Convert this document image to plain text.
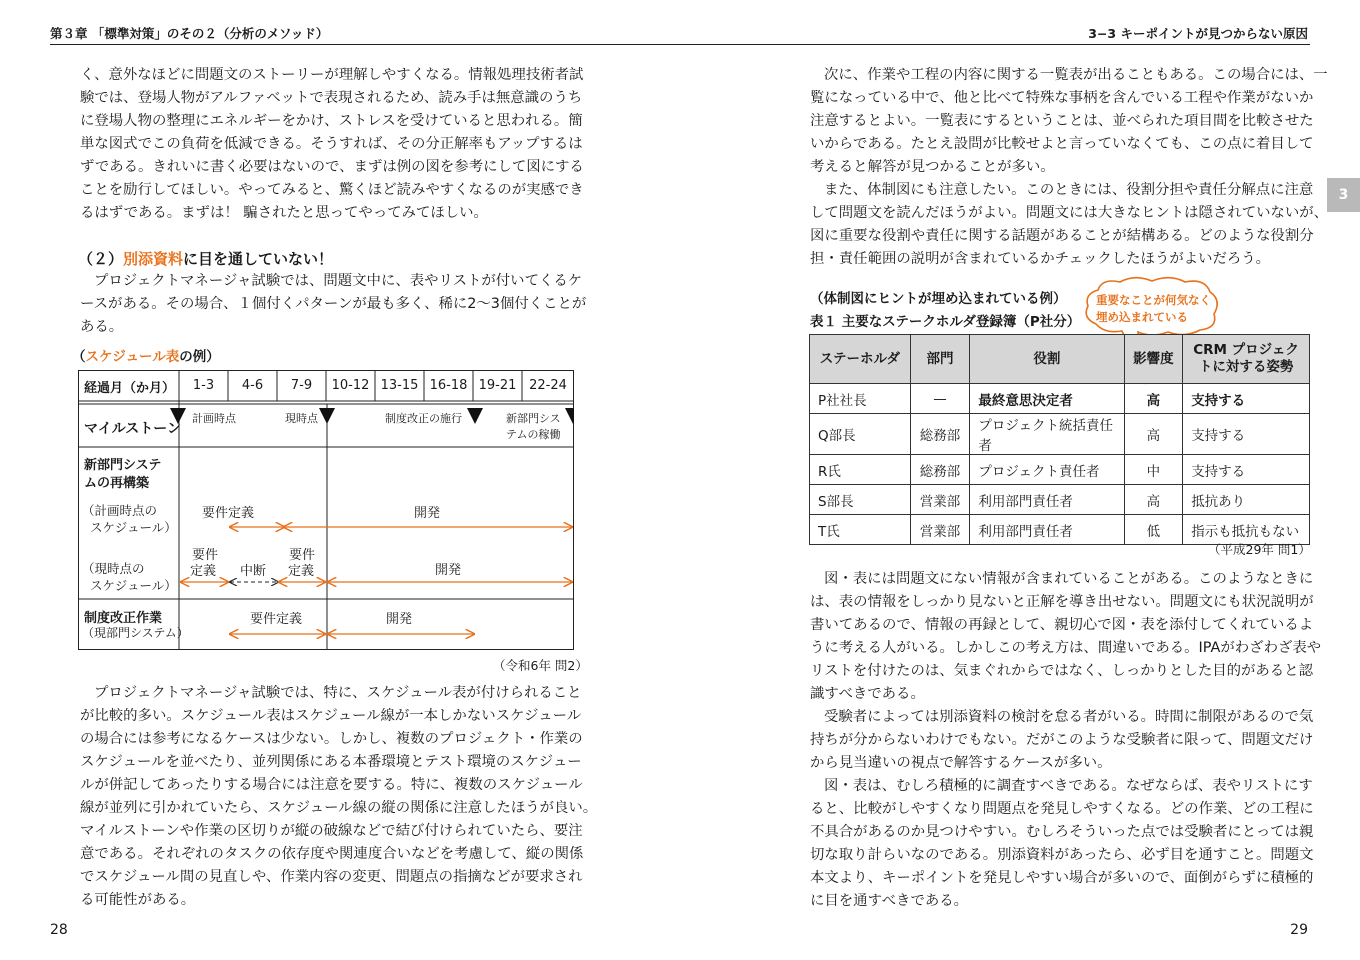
第３章 「標準対策」のその２（分析のメソッド）	3−3 キーポイントが見つからない原因
3

く、意外なほどに問題文のストーリーが理解しやすくなる。情報処理技術者試

験では、登場人物がアルファベットで表現されるため、読み手は無意識のうち

に登場人物の整理にエネルギーをかけ、ストレスを受けていると思われる。簡

単な図式でこの負荷を低減できる。そうすれば、その分正解率もアップするは

ずである。きれいに書く必要はないので、まずは例の図を参考にして図にする

ことを励行してほしい。やってみると、驚くほど読みやすくなるのが実感でき

るはずである。まずは！ 騙されたと思ってやってみてほしい。

（２）別添資料に目を通していない！

プロジェクトマネージャ試験では、問題文中に、表やリストが付いてくるケ

ースがある。その場合、１個付くパターンが最も多く、稀に2〜3個付くことが

ある。

（スケジュール表の例）
経過月（か月）	1-3	4-6	7-9	10-12 13-15 16-18 19-21 22-24
マイルストーン
計画時点	現時点	制度改正の施行	新部門シス
テムの稼働
新部門システ
ムの再構築
（計画時点の
スケジュール）
要件定義	開発
（現時点の
スケジュール）
要件
定義 中断
要件
定義	開発
制度改正作業
（現部門システム）
要件定義	開発
（令和6年 問2）

プロジェクトマネージャ試験では、特に、スケジュール表が付けられること

が比較的多い。スケジュール表はスケジュール線が一本しかないスケジュール

の場合には参考になるケースは少ない。しかし、複数のプロジェクト・作業の

スケジュールを並べたり、並列関係にある本番環境とテスト環境のスケジュー

ルが併記してあったりする場合には注意を要する。特に、複数のスケジュール

線が並列に引かれていたら、スケジュール線の縦の関係に注意したほうが良い。

マイルストーンや作業の区切りが縦の破線などで結び付けられていたら、要注

意である。それぞれのタスクの依存度や関連度合いなどを考慮して、縦の関係

でスケジュール間の見直しや、作業内容の変更、問題点の指摘などが要求され

る可能性がある。

28

次に、作業や工程の内容に関する一覧表が出ることもある。この場合には、一

覧になっている中で、他と比べて特殊な事柄を含んでいる工程や作業がないか

注意するとよい。一覧表にするということは、並べられた項目間を比較させた

いからである。たとえ設問が比較せよと言っていなくても、この点に着目して

考えると解答が見つかることが多い。

また、体制図にも注意したい。このときには、役割分担や責任分解点に注意

して問題文を読んだほうがよい。問題文には大きなヒントは隠されていないが、

図に重要な役割や責任に関する話題があることが結構ある。どのような役割分

担・責任範囲の説明が含まれているかチェックしたほうがよいだろう。

（体制図にヒントが埋め込まれている例）
表１ 主要なステークホルダ登録簿（P社分）
重要なことが何気なく
埋め込まれている
ステーホルダ	部門	役割	影響度	CRM プロジェク
トに対する姿勢

P社社長	—	最終意思決定者	高	支持する
Q部長	総務部	プロジェクト統括責任者	高	支持する
R氏	総務部	プロジェクト責任者	中	支持する
S部長	営業部	利用部門責任者	高	抵抗あり
T氏	営業部	利用部門責任者	低	指示も抵抗もない
（平成29年 問1）

図・表には問題文にない情報が含まれていることがある。このようなときに

は、表の情報をしっかり見ないと正解を導き出せない。問題文にも状況説明が

書いてあるので、情報の再録として、親切心で図・表を添付してくれているよ

うに考える人がいる。しかしこの考え方は、間違いである。IPAがわざわざ表や

リストを付けたのは、気まぐれからではなく、しっかりとした目的があると認

識すべきである。

受験者によっては別添資料の検討を怠る者がいる。時間に制限があるので気

持ちが分からないわけでもない。だがこのような受験者に限って、問題文だけ

から見当違いの視点で解答するケースが多い。

図・表は、むしろ積極的に調査すべきである。なぜならば、表やリストにす

ると、比較がしやすくなり問題点を発見しやすくなる。どの作業、どの工程に

不具合があるのか見つけやすい。むしろそういった点では受験者にとっては親

切な取り計らいなのである。別添資料があったら、必ず目を通すこと。問題文

本文より、キーポイントを発見しやすい場合が多いので、面倒がらずに積極的

に目を通すべきである。

29
